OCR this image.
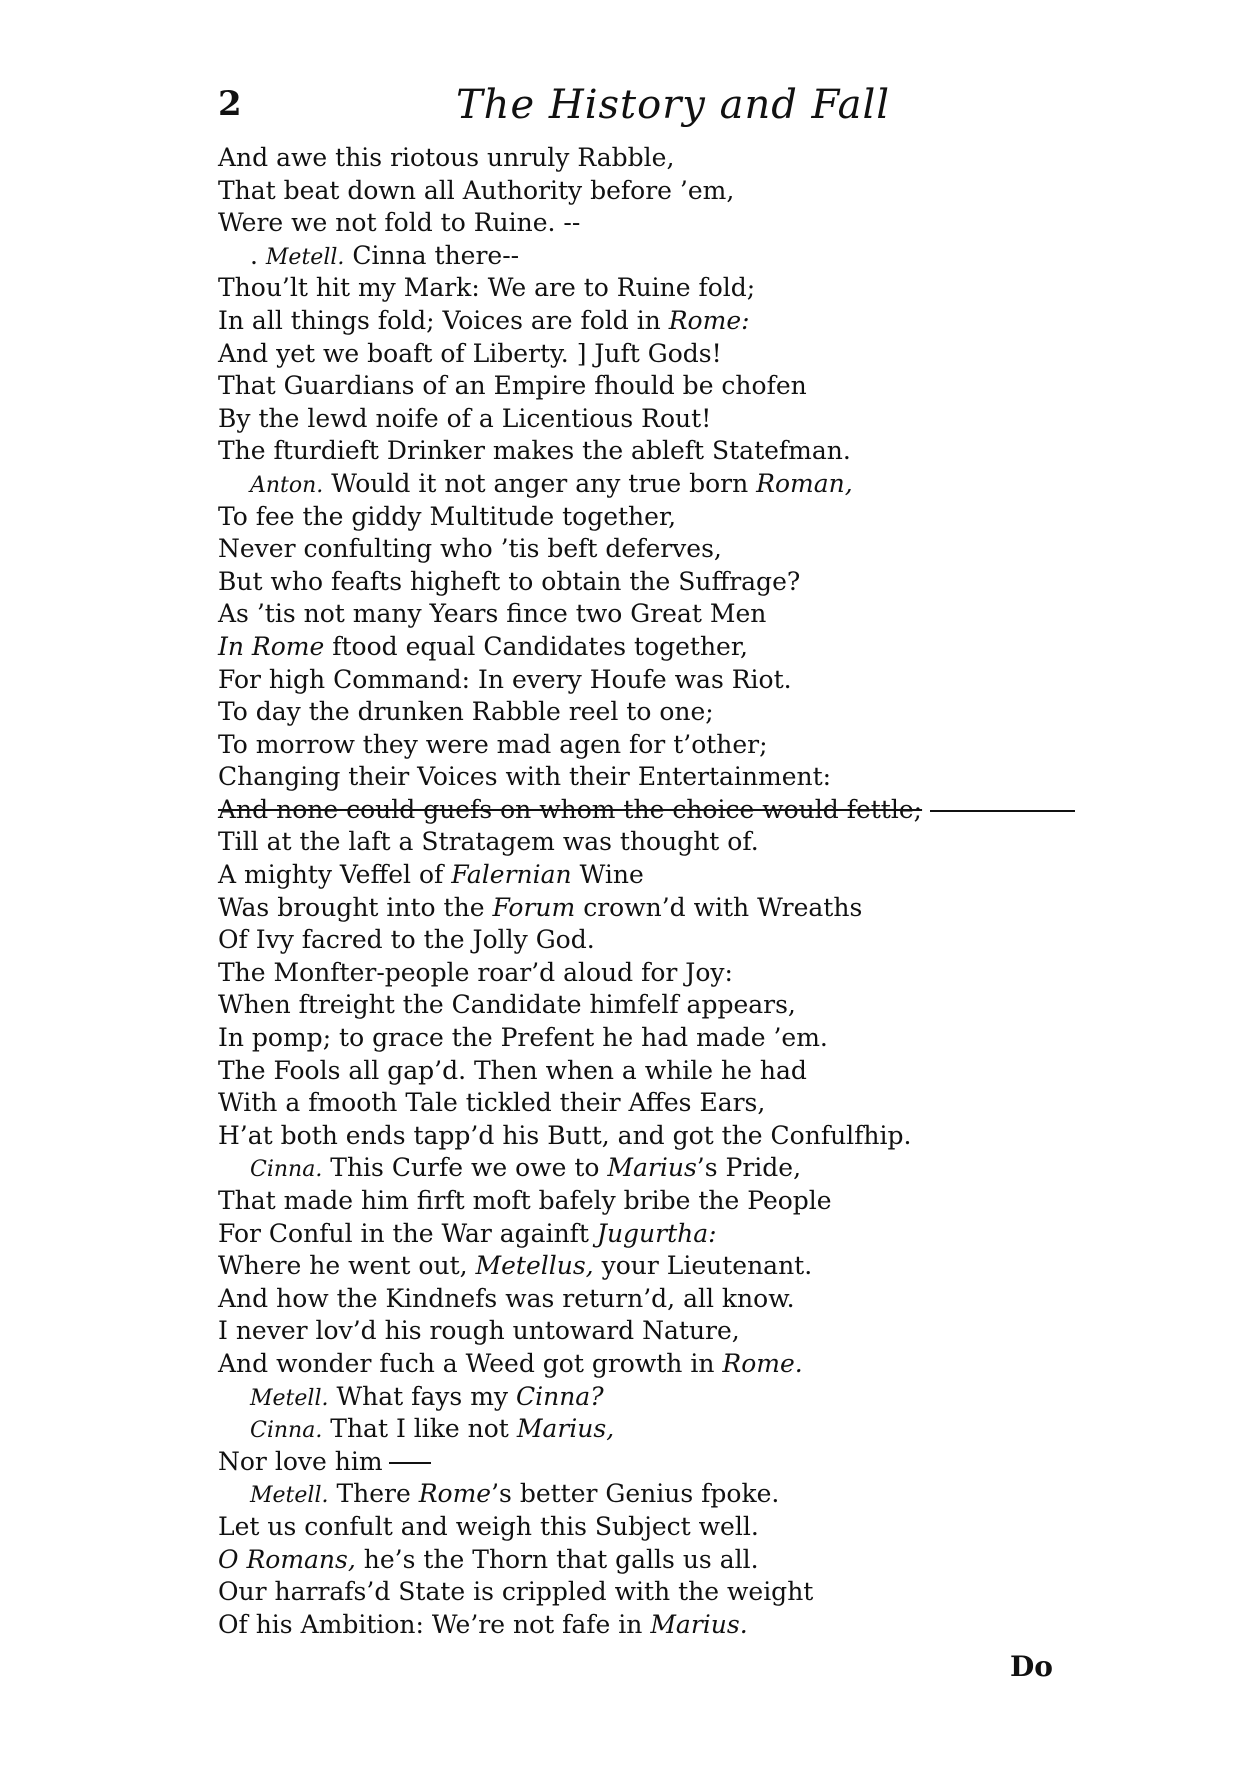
2	The History and Fall
And awe this riotous unruly Rabble,
That beat down all Authority before ’em,
Were we not fold to Ruine. --
. Metell. Cinna there--
Thou’lt hit my Mark: We are to Ruine fold;
In all things fold; Voices are fold in Rome:
And yet we boaft of Liberty. ] Juft Gods!
That Guardians of an Empire fhould be chofen
By the lewd noife of a Licentious Rout!
The fturdieft Drinker makes the ableft Statefman.
Anton. Would it not anger any true born Roman,
To fee the giddy Multitude together,
Never confulting who ’tis beft deferves,
But who feafts higheft to obtain the Suffrage?
As ’tis not many Years fince two Great Men
In Rome ftood equal Candidates together,
For high Command: In every Houfe was Riot.
To day the drunken Rabble reel to one;
To morrow they were mad agen for t’other;
Changing their Voices with their Entertainment:
And none could guefs on whom the choice would fettle;
Till at the laft a Stratagem was thought of.
A mighty Veffel of Falernian Wine
Was brought into the Forum crown’d with Wreaths
Of Ivy facred to the Jolly God.
The Monfter-people roar’d aloud for Joy:
When ftreight the Candidate himfelf appears,
In pomp; to grace the Prefent he had made ’em.
The Fools all gap’d. Then when a while he had
With a fmooth Tale tickled their Affes Ears,
H’at both ends tapp’d his Butt, and got the Confulfhip.
Cinna. This Curfe we owe to Marius’s Pride,
That made him firft moft bafely bribe the People
For Conful in the War againft Jugurtha:
Where he went out, Metellus, your Lieutenant.
And how the Kindnefs was return’d, all know.
I never lov’d his rough untoward Nature,
And wonder fuch a Weed got growth in Rome.
Metell. What fays my Cinna?
Cinna. That I like not Marius,
Nor love him
Metell. There Rome’s better Genius fpoke.
Let us confult and weigh this Subject well.
O Romans, he’s the Thorn that galls us all.
Our harrafs’d State is crippled with the weight
Of his Ambition: We’re not fafe in Marius.
Do
